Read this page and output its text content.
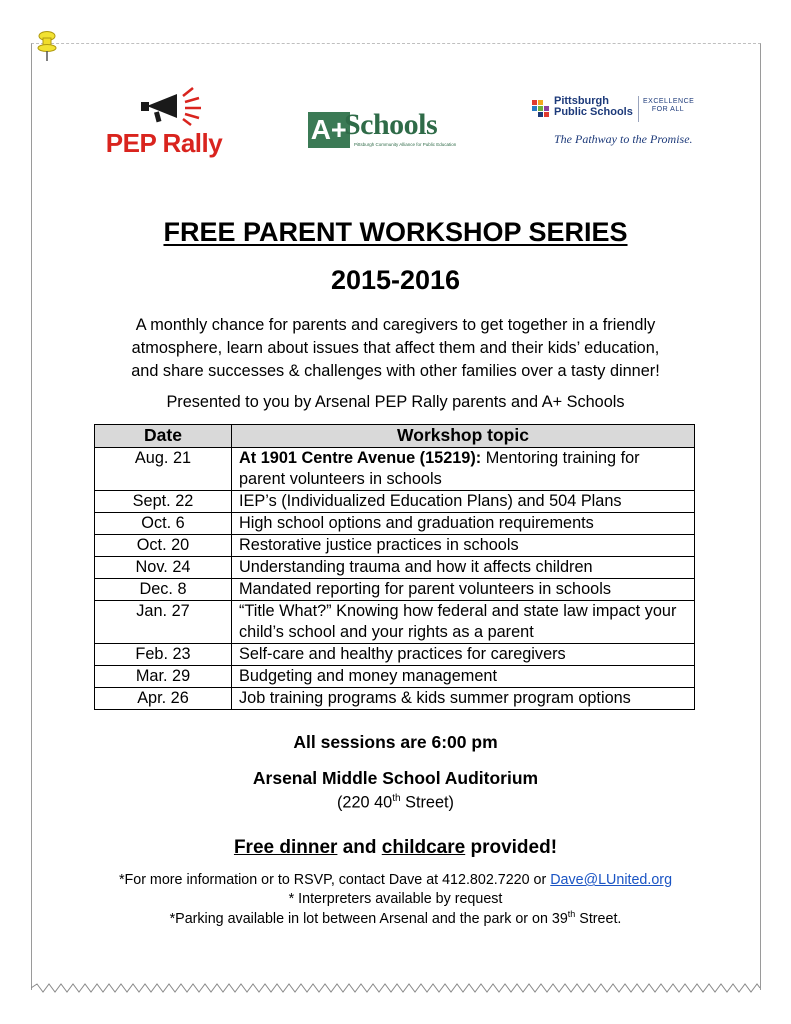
PEP Rally	A+
Schools
Pittsburgh Community Alliance for Public Education
Pittsburgh
Public Schools
EXCELLENCE FOR ALL
The Pathway to the Promise.
FREE PARENT WORKSHOP SERIES
2015-2016
A monthly chance for parents and caregivers to get together in a friendly
atmosphere, learn about issues that affect them and their kids’ education,
and share successes & challenges with other families over a tasty dinner!
Presented to you by Arsenal PEP Rally parents and A+ Schools
Date	Workshop topic
Aug. 21	At 1901 Centre Avenue (15219): Mentoring training for parent volunteers in schools
Sept. 22	IEP’s (Individualized Education Plans) and 504 Plans
Oct. 6	High school options and graduation requirements
Oct. 20	Restorative justice practices in schools
Nov. 24	Understanding trauma and how it affects children
Dec. 8	Mandated reporting for parent volunteers in schools
Jan. 27	“Title What?” Knowing how federal and state law impact your child’s school and your rights as a parent
Feb. 23	Self-care and healthy practices for caregivers
Mar. 29	Budgeting and money management
Apr. 26	Job training programs & kids summer program options
All sessions are 6:00 pm
Arsenal Middle School Auditorium
(220 40th Street)
Free dinner and childcare provided!
*For more information or to RSVP, contact Dave at 412.802.7220 or Dave@LUnited.org
* Interpreters available by request
*Parking available in lot between Arsenal and the park or on 39th Street.
